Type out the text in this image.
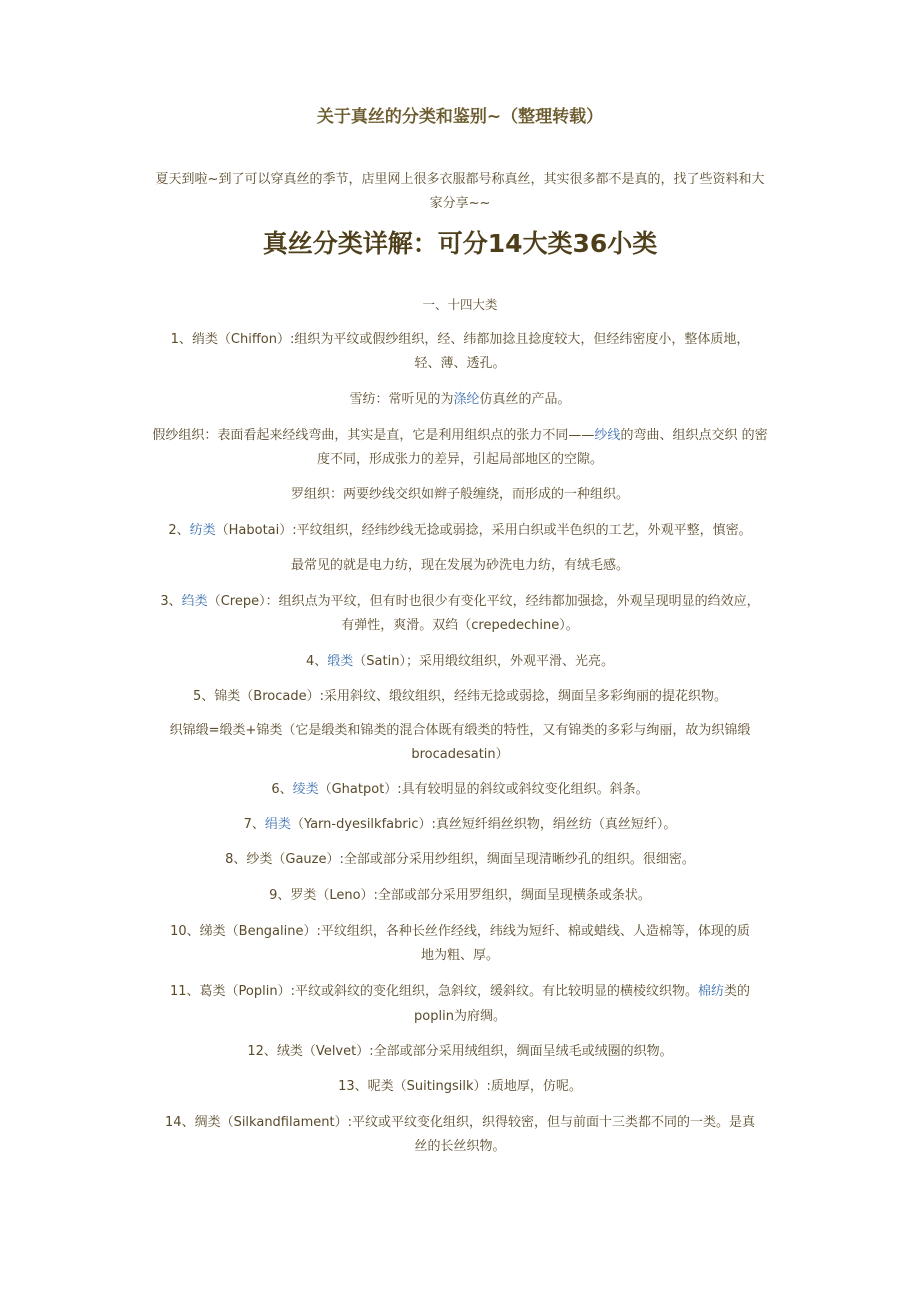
关于真丝的分类和鉴别~（整理转载）
夏天到啦~到了可以穿真丝的季节，店里网上很多衣服都号称真丝，其实很多都不是真的，找了些资料和大
家分享~~
真丝分类详解：可分14大类36小类
一、十四大类
1、绡类（Chiffon）:组织为平纹或假纱组织，经、纬都加捻且捻度较大，但经纬密度小，整体质地，
轻、薄、透孔。
雪纺：常听见的为涤纶仿真丝的产品。
假纱组织：表面看起来经线弯曲，其实是直，它是利用组织点的张力不同——纱线的弯曲、组织点交织 的密
度不同，形成张力的差异，引起局部地区的空隙。
罗组织：两要纱线交织如辫子般缠绕，而形成的一种组织。
2、纺类（Habotai）:平纹组织，经纬纱线无捻或弱捻，采用白织或半色织的工艺，外观平整，慎密。
最常见的就是电力纺，现在发展为砂洗电力纺，有绒毛感。
3、绉类（Crepe）：组织点为平纹，但有时也很少有变化平纹，经纬都加强捻，外观呈现明显的绉效应，
有弹性，爽滑。双绉（crepedechine）。
4、缎类（Satin）；采用缎纹组织，外观平滑、光亮。
5、锦类（Brocade）:采用斜纹、缎纹组织，经纬无捻或弱捻，绸面呈多彩绚丽的提花织物。
织锦缎=缎类+锦类（它是缎类和锦类的混合体既有缎类的特性，又有锦类的多彩与绚丽，故为织锦缎
brocadesatin）
6、绫类（Ghatpot）:具有较明显的斜纹或斜纹变化组织。斜条。
7、绢类（Yarn-dyesilkfabric）:真丝短纤绢丝织物，绢丝纺（真丝短纤）。
8、纱类（Gauze）:全部或部分采用纱组织，绸面呈现清晰纱孔的组织。很细密。
9、罗类（Leno）:全部或部分采用罗组织，绸面呈现横条或条状。
10、绨类（Bengaline）:平纹组织，各种长丝作经线，纬线为短纤、棉或蜡线、人造棉等，体现的质
地为粗、厚。
11、葛类（Poplin）:平纹或斜纹的变化组织，急斜纹，缓斜纹。有比较明显的横棱纹织物。棉纺类的
poplin为府绸。
12、绒类（Velvet）:全部或部分采用绒组织，绸面呈绒毛或绒圈的织物。
13、呢类（Suitingsilk）:质地厚，仿呢。
14、绸类（Silkandfilament）:平纹或平纹变化组织，织得较密，但与前面十三类都不同的一类。是真
丝的长丝织物。
